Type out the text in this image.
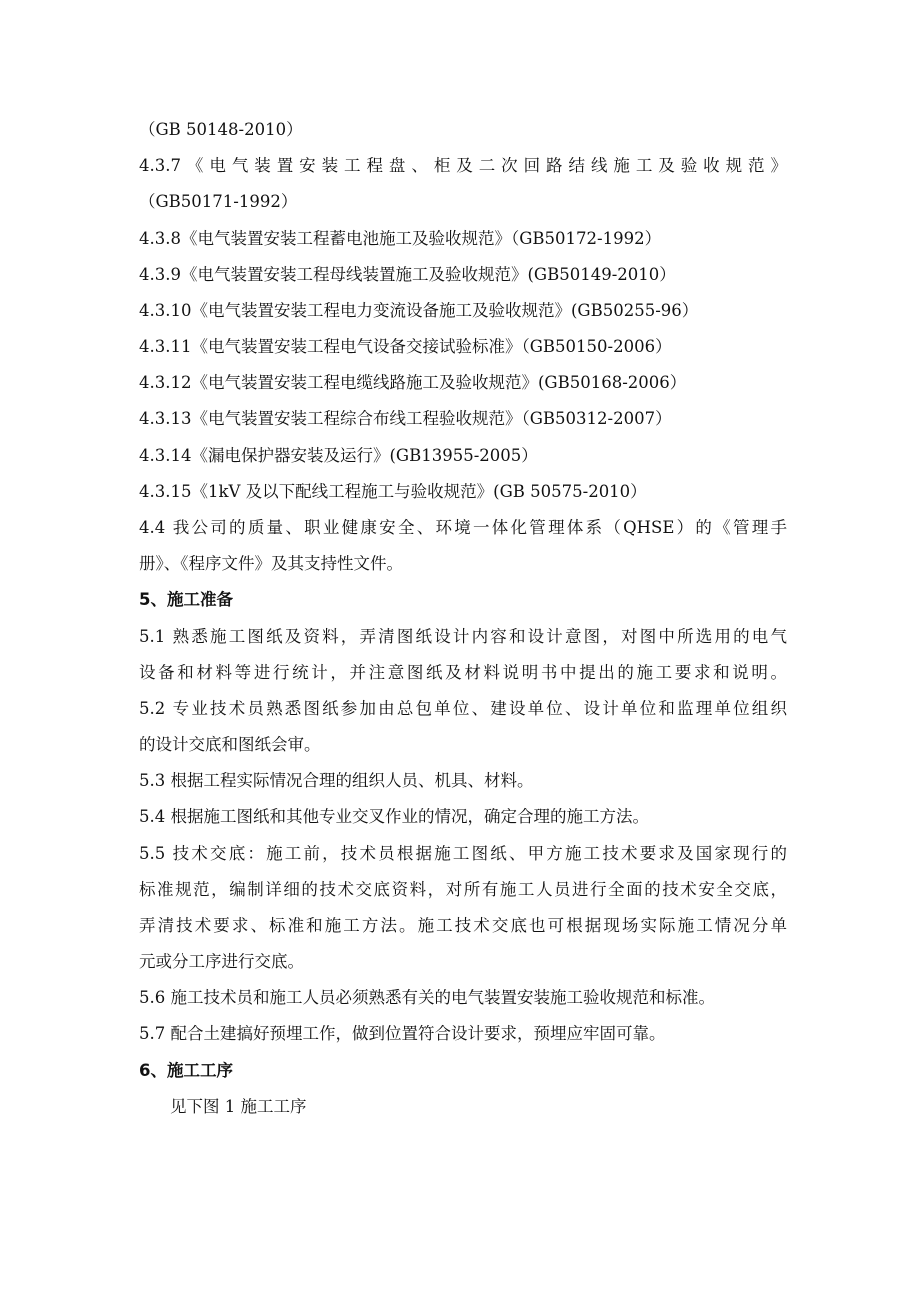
（GB 50148-2010）
4.3.7《电气装置安装工程盘、柜及二次回路结线施工及验收规范》
（GB50171-1992）
4.3.8《电气装置安装工程蓄电池施工及验收规范》（GB50172-1992）
4.3.9《电气装置安装工程母线装置施工及验收规范》(GB50149-2010）
4.3.10《电气装置安装工程电力变流设备施工及验收规范》(GB50255-96）
4.3.11《电气装置安装工程电气设备交接试验标准》（GB50150-2006）
4.3.12《电气装置安装工程电缆线路施工及验收规范》(GB50168-2006）
4.3.13《电气装置安装工程综合布线工程验收规范》（GB50312-2007）
4.3.14《漏电保护器安装及运行》(GB13955-2005）
4.3.15《1kV 及以下配线工程施工与验收规范》(GB 50575-2010）
4.4 我公司的质量、职业健康安全、环境一体化管理体系（QHSE）的《管理手
册》、《程序文件》及其支持性文件。
5、施工准备
5.1 熟悉施工图纸及资料，弄清图纸设计内容和设计意图，对图中所选用的电气
设备和材料等进行统计，并注意图纸及材料说明书中提出的施工要求和说明。
5.2 专业技术员熟悉图纸参加由总包单位、建设单位、设计单位和监理单位组织
的设计交底和图纸会审。
5.3 根据工程实际情况合理的组织人员、机具、材料。
5.4 根据施工图纸和其他专业交叉作业的情况，确定合理的施工方法。
5.5 技术交底：施工前，技术员根据施工图纸、甲方施工技术要求及国家现行的
标准规范，编制详细的技术交底资料，对所有施工人员进行全面的技术安全交底，
弄清技术要求、标准和施工方法。施工技术交底也可根据现场实际施工情况分单
元或分工序进行交底。
5.6 施工技术员和施工人员必须熟悉有关的电气装置安装施工验收规范和标准。
5.7 配合土建搞好预埋工作，做到位置符合设计要求，预埋应牢固可靠。
6、施工工序
见下图 1 施工工序
